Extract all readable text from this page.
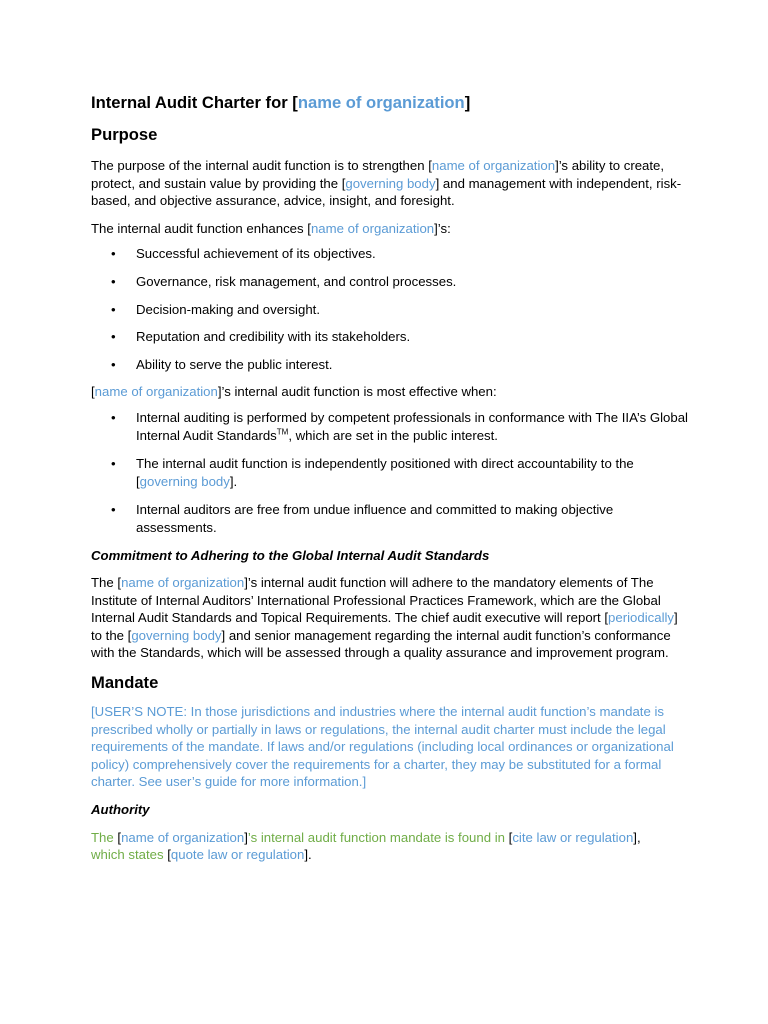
Internal Audit Charter for [name of organization]
Purpose

The purpose of the internal audit function is to strengthen [name of organization]’s ability to create, protect, and sustain value by providing the [governing body] and management with independent, risk-based, and objective assurance, advice, insight, and foresight.

The internal audit function enhances [name of organization]’s:

• Successful achievement of its objectives.

• Governance, risk management, and control processes.

• Decision-making and oversight.

• Reputation and credibility with its stakeholders.

• Ability to serve the public interest.

[name of organization]’s internal audit function is most effective when:

• Internal auditing is performed by competent professionals in conformance with The IIA’s Global Internal Audit Standards™, which are set in the public interest.

• The internal audit function is independently positioned with direct accountability to the [governing body].

• Internal auditors are free from undue influence and committed to making objective assessments.

Commitment to Adhering to the Global Internal Audit Standards

The [name of organization]’s internal audit function will adhere to the mandatory elements of The Institute of Internal Auditors’ International Professional Practices Framework, which are the Global Internal Audit Standards and Topical Requirements. The chief audit executive will report [periodically] to the [governing body] and senior management regarding the internal audit function’s conformance with the Standards, which will be assessed through a quality assurance and improvement program.

Mandate

[USER’S NOTE: In those jurisdictions and industries where the internal audit function’s mandate is prescribed wholly or partially in laws or regulations, the internal audit charter must include the legal requirements of the mandate. If laws and/or regulations (including local ordinances or organizational policy) comprehensively cover the requirements for a charter, they may be substituted for a formal charter. See user’s guide for more information.]

Authority

The [name of organization]’s internal audit function mandate is found in [cite law or regulation],
which states [quote law or regulation].
